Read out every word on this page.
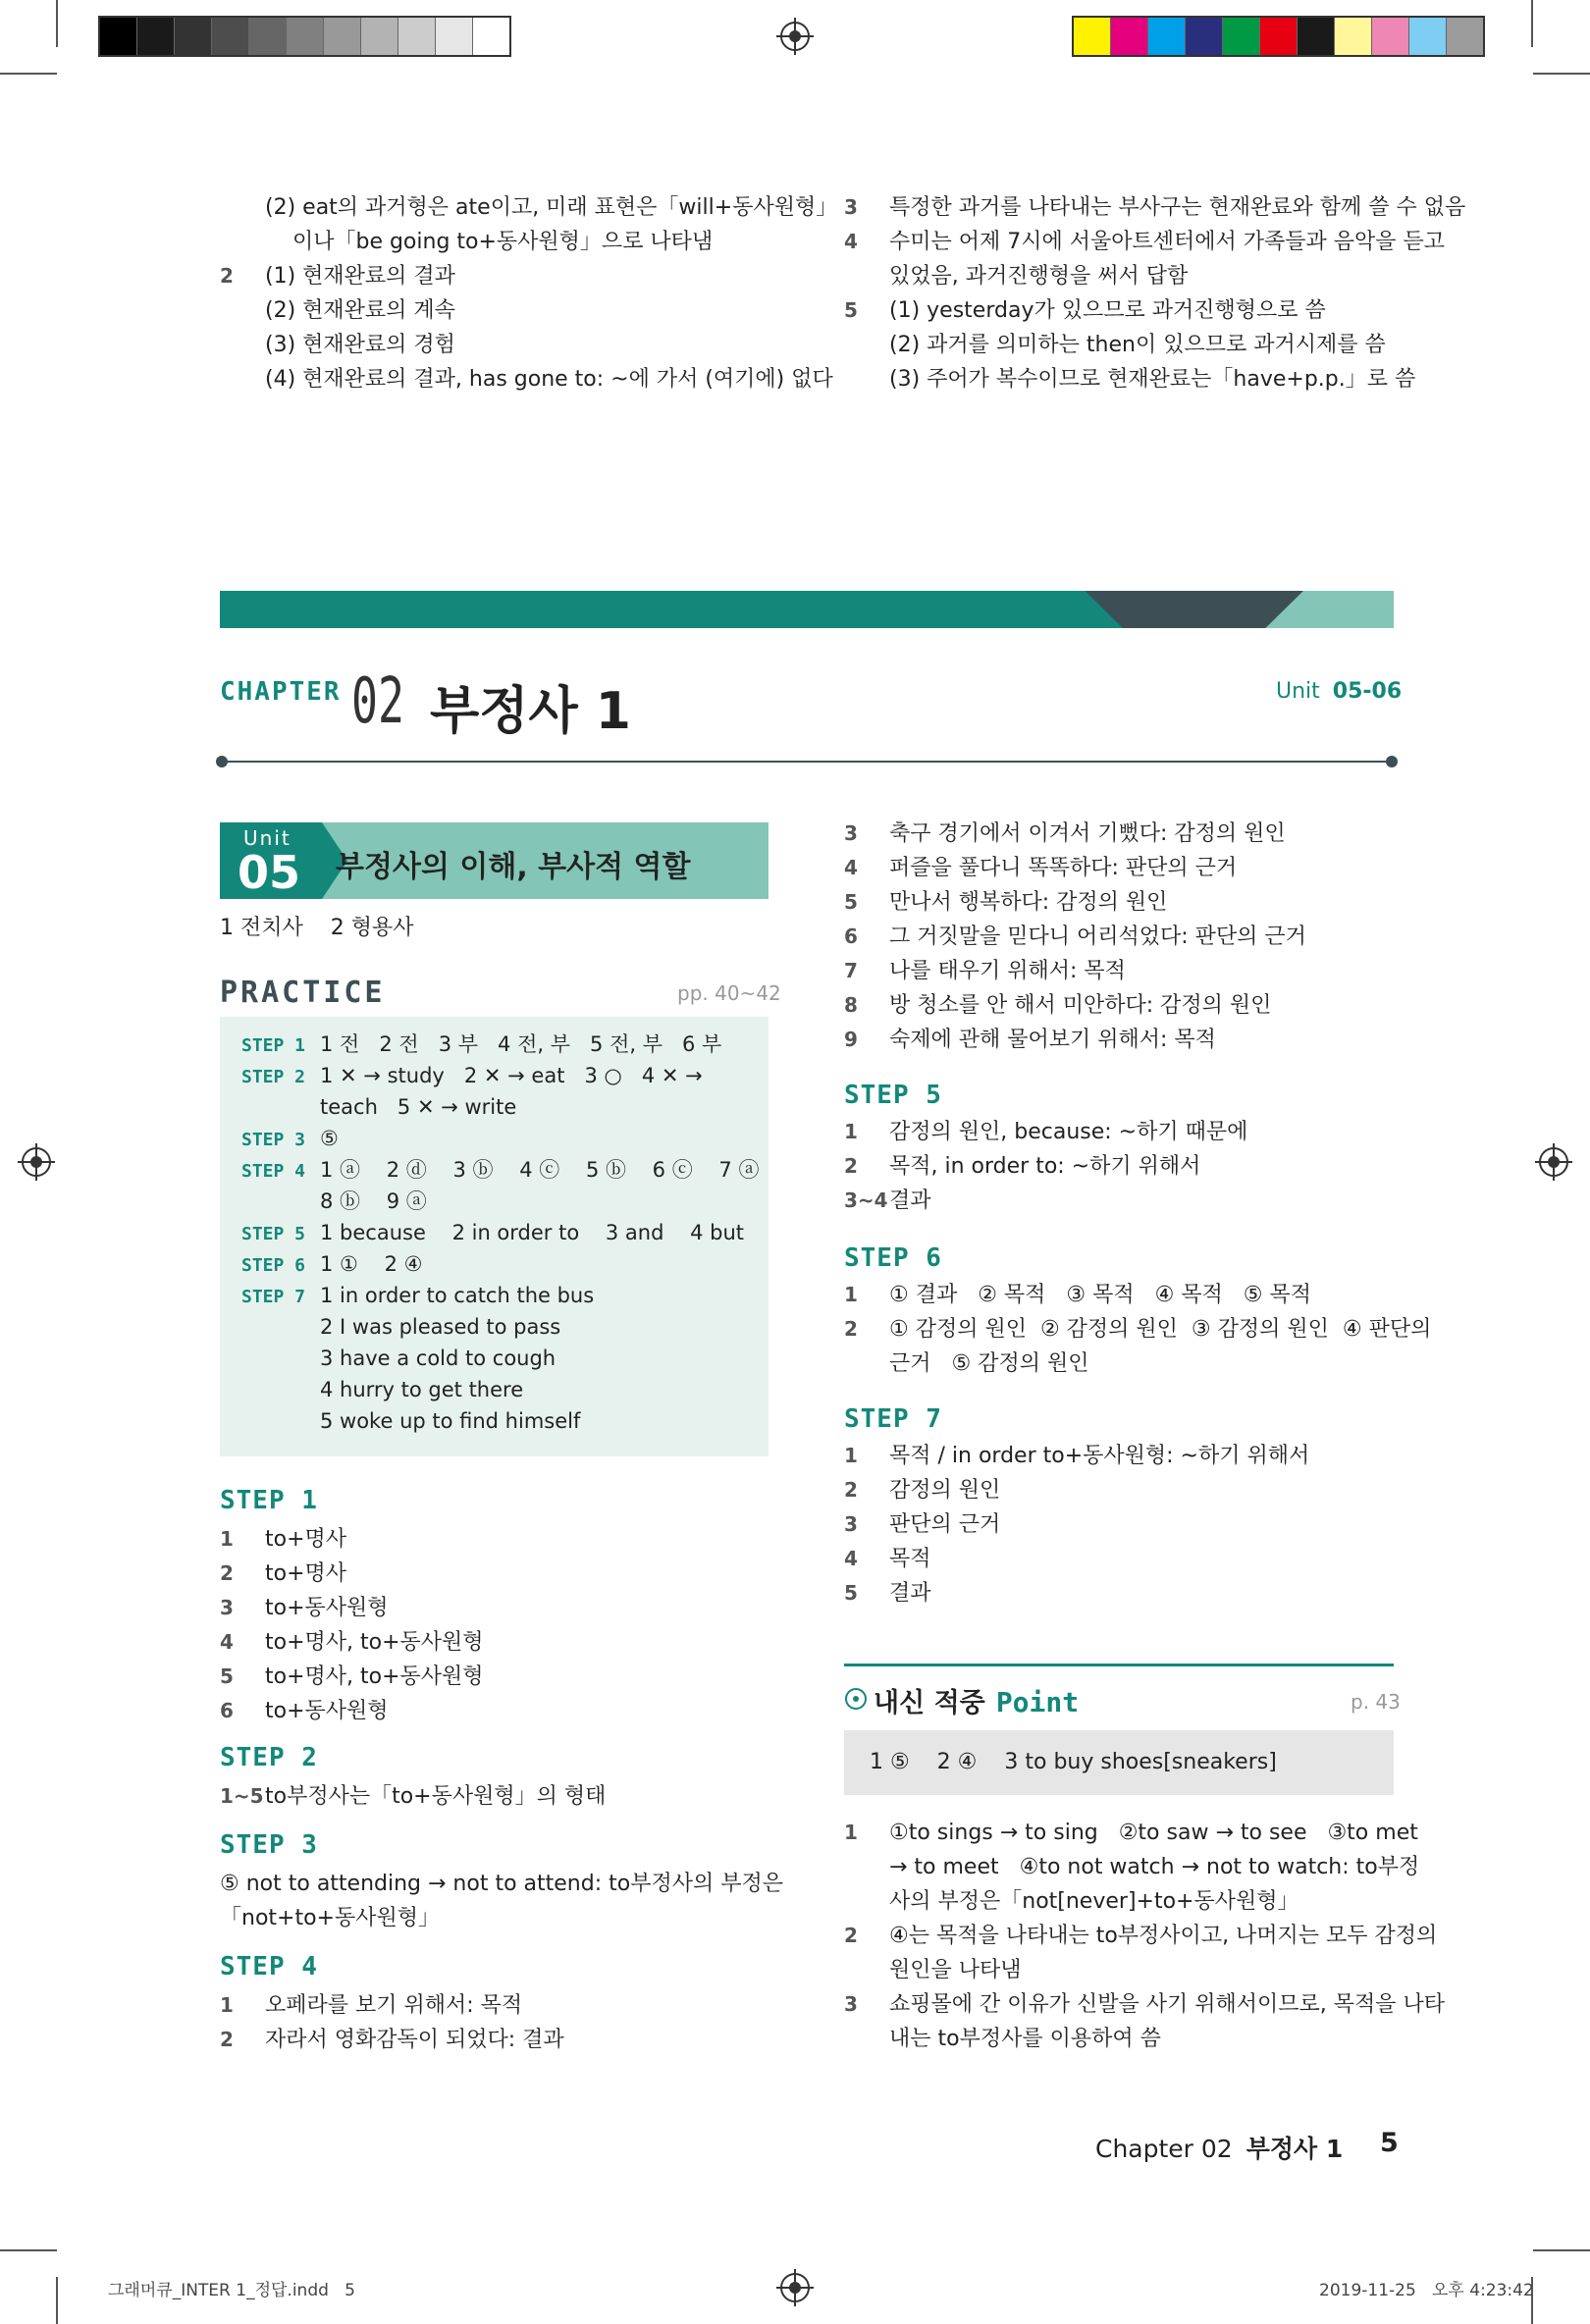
(2) eat의 과거형은 ate이고, 미래 표현은「will+동사원형」
이나「be going to+동사원형」으로 나타냄
2 (1) 현재완료의 결과
(2) 현재완료의 계속
(3) 현재완료의 경험
(4) 현재완료의 결과, has gone to: ~에 가서 (여기에) 없다
3 특정한 과거를 나타내는 부사구는 현재완료와 함께 쓸 수 없음
4 수미는 어제 7시에 서울아트센터에서 가족들과 음악을 듣고
있었음, 과거진행형을 써서 답함
5 (1) yesterday가 있으므로 과거진행형으로 씀
(2) 과거를 의미하는 then이 있으므로 과거시제를 씀
(3) 주어가 복수이므로 현재완료는「have+p.p.」로 씀
CHAPTER 02 부정사 1	Unit 05-06
Unit
05 부정사의 이해, 부사적 역할
1 전치사    2 형용사
PRACTICE	pp. 40~42
STEP 1 1 전   2 전   3 부   4 전, 부   5 전, 부   6 부
STEP 2 1 ✕ → study   2 ✕ → eat   3 ○   4 ✕ →
teach   5 ✕ → write
STEP 3 ⑤
STEP 4 1 ⓐ    2 ⓓ    3 ⓑ    4 ⓒ    5 ⓑ    6 ⓒ    7 ⓐ
8 ⓑ    9 ⓐ
STEP 5 1 because    2 in order to    3 and    4 but
STEP 6 1 ①    2 ④
STEP 7 1 in order to catch the bus
2 I was pleased to pass
3 have a cold to cough
4 hurry to get there
5 woke up to find himself
STEP 1
1 to+명사
2 to+명사
3 to+동사원형
4 to+명사, to+동사원형
5 to+명사, to+동사원형
6 to+동사원형
STEP 2
1~5to부정사는「to+동사원형」의 형태
STEP 3
⑤ not to attending → not to attend: to부정사의 부정은
「not+to+동사원형」
STEP 4
1 오페라를 보기 위해서: 목적
2 자라서 영화감독이 되었다: 결과
3 축구 경기에서 이겨서 기뻤다: 감정의 원인
4 퍼즐을 풀다니 똑똑하다: 판단의 근거
5 만나서 행복하다: 감정의 원인
6 그 거짓말을 믿다니 어리석었다: 판단의 근거
7 나를 태우기 위해서: 목적
8 방 청소를 안 해서 미안하다: 감정의 원인
9 숙제에 관해 물어보기 위해서: 목적
STEP 5
1 감정의 원인, because: ~하기 때문에
2 목적, in order to: ~하기 위해서
3~4결과
STEP 6
1 ① 결과   ② 목적   ③ 목적   ④ 목적   ⑤ 목적
2 ① 감정의 원인  ② 감정의 원인  ③ 감정의 원인  ④ 판단의
근거   ⑤ 감정의 원인
STEP 7
1 목적 / in order to+동사원형: ~하기 위해서
2 감정의 원인
3 판단의 근거
4 목적
5 결과
내신 적중 Point	p. 43
1 ⑤    2 ④    3 to buy shoes[sneakers]
1 ①to sings → to sing   ②to saw → to see   ③to met
→ to meet   ④to not watch → not to watch: to부정
사의 부정은「not[never]+to+동사원형」
2 ④는 목적을 나타내는 to부정사이고, 나머지는 모두 감정의
원인을 나타냄
3 쇼핑몰에 간 이유가 신발을 사기 위해서이므로, 목적을 나타
내는 to부정사를 이용하여 씀
Chapter 02 부정사 1 5
그래머큐_INTER 1_정답.indd   5	2019-11-25   오후 4:23:42
